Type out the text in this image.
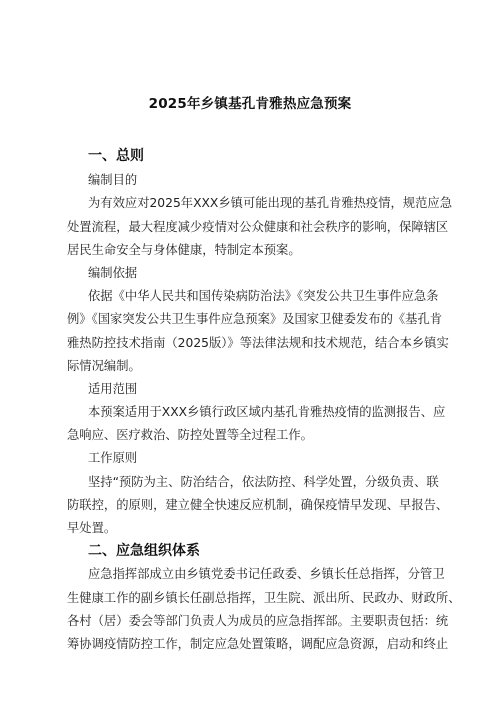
2025年乡镇基孔肯雅热应急预案
一、总则
编制目的
为有效应对2025年XXX乡镇可能出现的基孔肯雅热疫情，规范应急
处置流程，最大程度减少疫情对公众健康和社会秩序的影响，保障辖区
居民生命安全与身体健康，特制定本预案。
编制依据
依据《中华人民共和国传染病防治法》《突发公共卫生事件应急条
例》《国家突发公共卫生事件应急预案》及国家卫健委发布的《基孔肯
雅热防控技术指南（2025版）》等法律法规和技术规范，结合本乡镇实
际情况编制。
适用范围
本预案适用于XXX乡镇行政区域内基孔肯雅热疫情的监测报告、应
急响应、医疗救治、防控处置等全过程工作。
工作原则
坚持“预防为主、防治结合，依法防控、科学处置，分级负责、联
防联控，的原则，建立健全快速反应机制，确保疫情早发现、早报告、
早处置。
二、应急组织体系
应急指挥部成立由乡镇党委书记任政委、乡镇长任总指挥，分管卫
生健康工作的副乡镇长任副总指挥，卫生院、派出所、民政办、财政所、
各村（居）委会等部门负责人为成员的应急指挥部。主要职责包括：统
筹协调疫情防控工作，制定应急处置策略，调配应急资源，启动和终止
